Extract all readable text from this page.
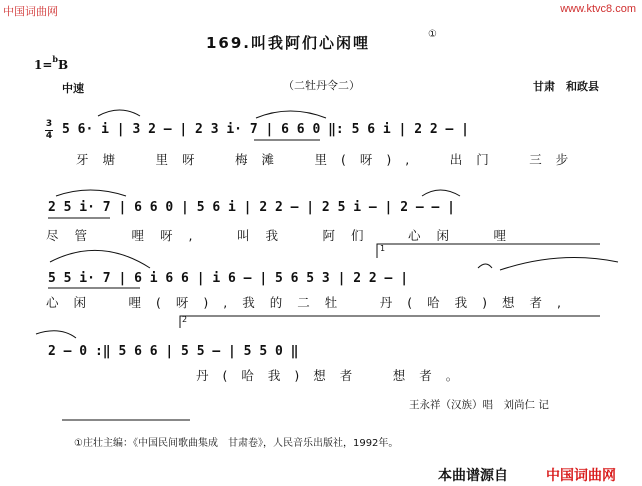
中国词曲网	www.ktvc8.com
169.叫我阿们心闲哩	①
1=$^b$B
中速	（二牡丹令二）	甘肃　和政县
3
4 5 6· i | 3 2 — | 2 3 i· 7 | 6 6 0 ‖: 5 6 i | 2 2 — |
牙塘　里呀　梅滩　里(呀),　出门　三步
2 5 i· 7 | 6 6 0 | 5 6 i | 2 2 — | 2 5 i — | 2 — — |
尽管　哩呀,　叫我　阿们　心闲　哩
5 5 i· 7 | 6 i 6 6 | i 6 — | 5 6 5 3 | 2 2 — |
心闲　哩(呀),我的二牡　丹(哈我)想者,
2 — 0 :‖ 5 6 6 | 5 5 — | 5 5 0 ‖
丹(哈我)想者　想者。
1
2
王永祥（汉族）唱　刘尚仁 记
①庄壮主编：《中国民间歌曲集成　甘肃卷》，人民音乐出版社，1992年。
本曲谱源自	中国词曲网
